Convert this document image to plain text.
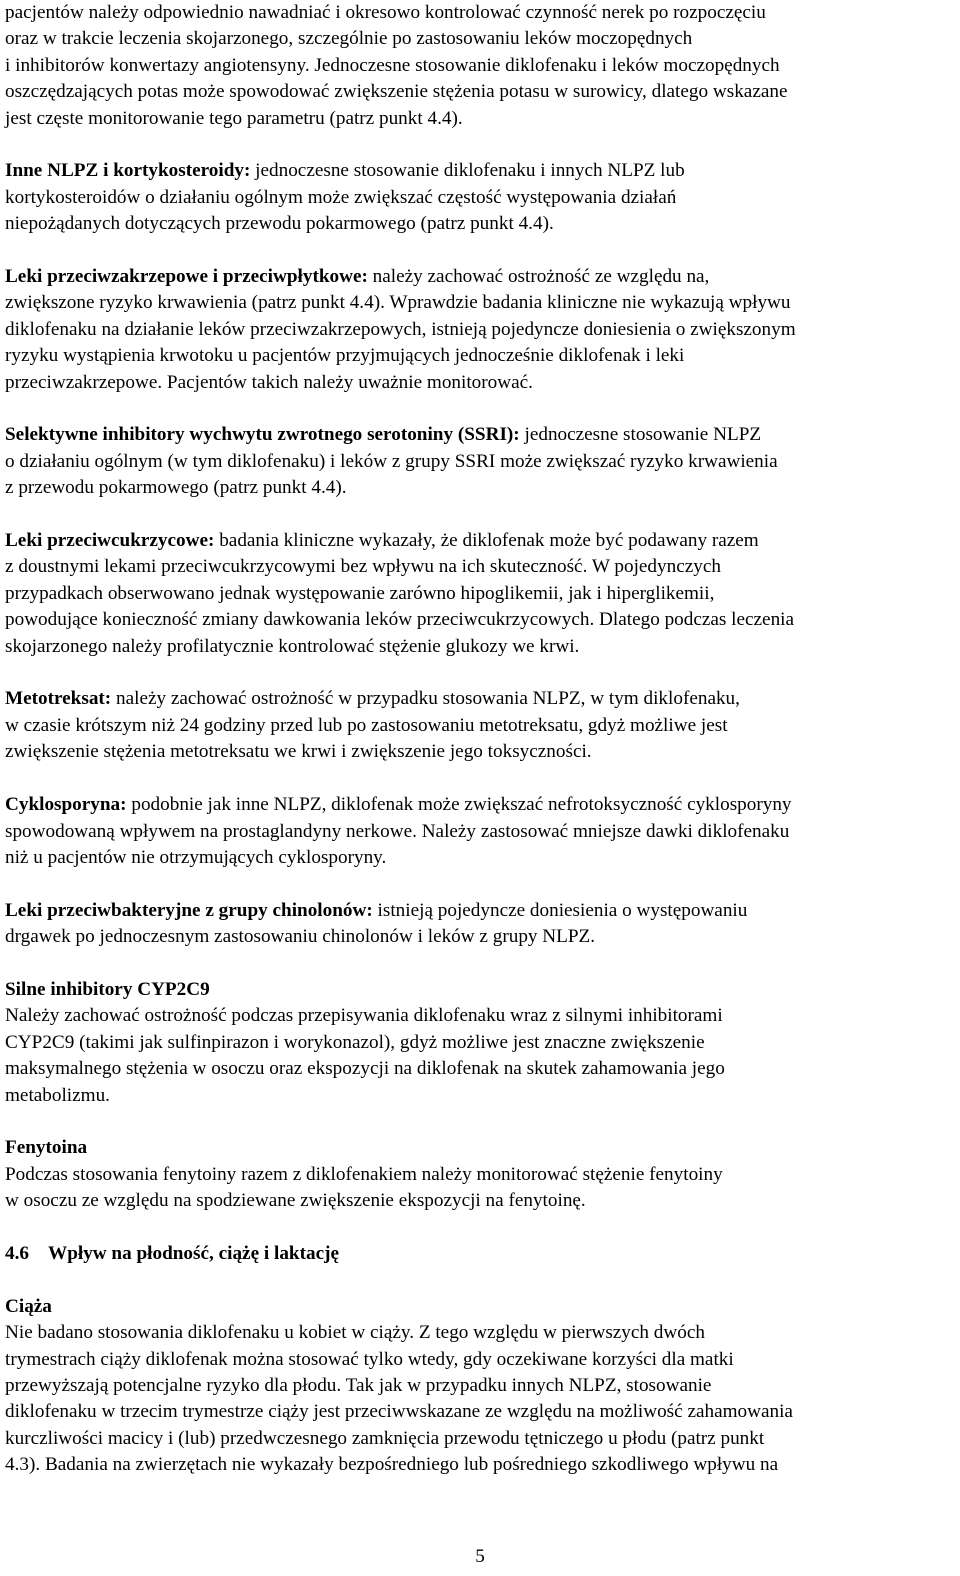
pacjentów należy odpowiednio nawadniać i okresowo kontrolować czynność nerek po rozpoczęciu
oraz w trakcie leczenia skojarzonego, szczególnie po zastosowaniu leków moczopędnych
i inhibitorów konwertazy angiotensyny. Jednoczesne stosowanie diklofenaku i leków moczopędnych
oszczędzających potas może spowodować zwiększenie stężenia potasu w surowicy, dlatego wskazane
jest częste monitorowanie tego parametru (patrz punkt 4.4).

Inne NLPZ i kortykosteroidy: jednoczesne stosowanie diklofenaku i innych NLPZ lub
kortykosteroidów o działaniu ogólnym może zwiększać częstość występowania działań
niepożądanych dotyczących przewodu pokarmowego (patrz punkt 4.4).

Leki przeciwzakrzepowe i przeciwpłytkowe: należy zachować ostrożność ze względu na,
zwiększone ryzyko krwawienia (patrz punkt 4.4). Wprawdzie badania kliniczne nie wykazują wpływu
diklofenaku na działanie leków przeciwzakrzepowych, istnieją pojedyncze doniesienia o zwiększonym
ryzyku wystąpienia krwotoku u pacjentów przyjmujących jednocześnie diklofenak i leki
przeciwzakrzepowe. Pacjentów takich należy uważnie monitorować.

Selektywne inhibitory wychwytu zwrotnego serotoniny (SSRI): jednoczesne stosowanie NLPZ
o działaniu ogólnym (w tym diklofenaku) i leków z grupy SSRI może zwiększać ryzyko krwawienia
z przewodu pokarmowego (patrz punkt 4.4).

Leki przeciwcukrzycowe: badania kliniczne wykazały, że diklofenak może być podawany razem
z doustnymi lekami przeciwcukrzycowymi bez wpływu na ich skuteczność. W pojedynczych
przypadkach obserwowano jednak występowanie zarówno hipoglikemii, jak i hiperglikemii,
powodujące konieczność zmiany dawkowania leków przeciwcukrzycowych. Dlatego podczas leczenia
skojarzonego należy profilatycznie kontrolować stężenie glukozy we krwi.

Metotreksat: należy zachować ostrożność w przypadku stosowania NLPZ, w tym diklofenaku,
w czasie krótszym niż 24 godziny przed lub po zastosowaniu metotreksatu, gdyż możliwe jest
zwiększenie stężenia metotreksatu we krwi i zwiększenie jego toksyczności.

Cyklosporyna: podobnie jak inne NLPZ, diklofenak może zwiększać nefrotoksyczność cyklosporyny
spowodowaną wpływem na prostaglandyny nerkowe. Należy zastosować mniejsze dawki diklofenaku
niż u pacjentów nie otrzymujących cyklosporyny.

Leki przeciwbakteryjne z grupy chinolonów: istnieją pojedyncze doniesienia o występowaniu
drgawek po jednoczesnym zastosowaniu chinolonów i leków z grupy NLPZ.

Silne inhibitory CYP2C9
Należy zachować ostrożność podczas przepisywania diklofenaku wraz z silnymi inhibitorami
CYP2C9 (takimi jak sulfinpirazon i worykonazol), gdyż możliwe jest znaczne zwiększenie
maksymalnego stężenia w osoczu oraz ekspozycji na diklofenak na skutek zahamowania jego
metabolizmu.

Fenytoina
Podczas stosowania fenytoiny razem z diklofenakiem należy monitorować stężenie fenytoiny
w osoczu ze względu na spodziewane zwiększenie ekspozycji na fenytoinę.

4.6 Wpływ na płodność, ciążę i laktację

Ciąża
Nie badano stosowania diklofenaku u kobiet w ciąży. Z tego względu w pierwszych dwóch
trymestrach ciąży diklofenak można stosować tylko wtedy, gdy oczekiwane korzyści dla matki
przewyższają potencjalne ryzyko dla płodu. Tak jak w przypadku innych NLPZ, stosowanie
diklofenaku w trzecim trymestrze ciąży jest przeciwwskazane ze względu na możliwość zahamowania
kurczliwości macicy i (lub) przedwczesnego zamknięcia przewodu tętniczego u płodu (patrz punkt
4.3). Badania na zwierzętach nie wykazały bezpośredniego lub pośredniego szkodliwego wpływu na

5
